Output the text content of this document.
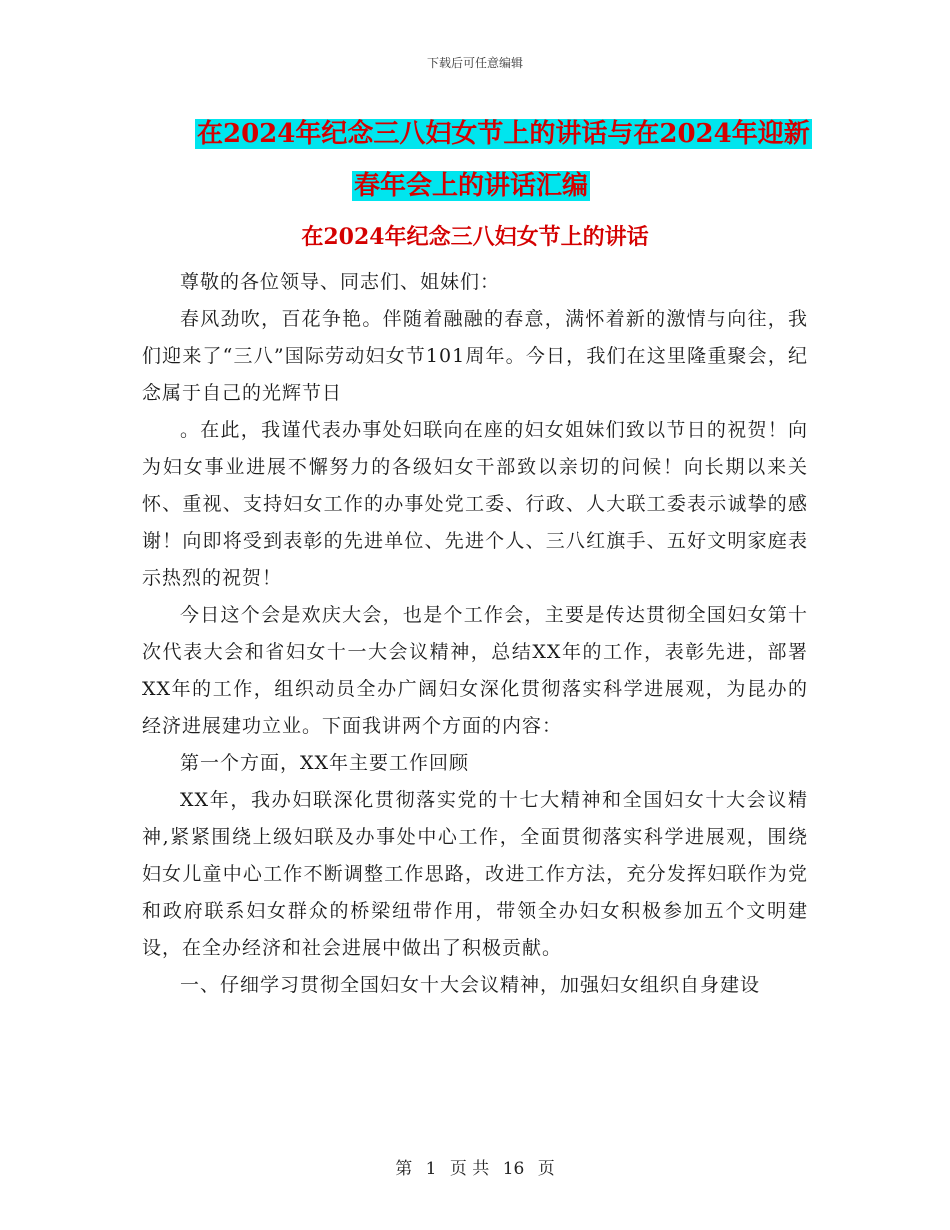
下载后可任意编辑
在2024年纪念三八妇女节上的讲话与在2024年迎新
春年会上的讲话汇编
在2024年纪念三八妇女节上的讲话

尊敬的各位领导、同志们、姐妹们：

春风劲吹，百花争艳。伴随着融融的春意，满怀着新的激情与向往，我们迎来了“三八”国际劳动妇女节101周年。今日，我们在这里隆重聚会，纪念属于自己的光辉节日

。在此，我谨代表办事处妇联向在座的妇女姐妹们致以节日的祝贺！向为妇女事业进展不懈努力的各级妇女干部致以亲切的问候！向长期以来关怀、重视、支持妇女工作的办事处党工委、行政、人大联工委表示诚挚的感谢！向即将受到表彰的先进单位、先进个人、三八红旗手、五好文明家庭表示热烈的祝贺！

今日这个会是欢庆大会，也是个工作会，主要是传达贯彻全国妇女第十次代表大会和省妇女十一大会议精神，总结XX年的工作，表彰先进，部署XX年的工作，组织动员全办广阔妇女深化贯彻落实科学进展观，为昆办的经济进展建功立业。下面我讲两个方面的内容：

第一个方面，XX年主要工作回顾

XX年，我办妇联深化贯彻落实党的十七大精神和全国妇女十大会议精神,紧紧围绕上级妇联及办事处中心工作，全面贯彻落实科学进展观，围绕妇女儿童中心工作不断调整工作思路，改进工作方法，充分发挥妇联作为党和政府联系妇女群众的桥梁纽带作用，带领全办妇女积极参加五个文明建设，在全办经济和社会进展中做出了积极贡献。

一、仔细学习贯彻全国妇女十大会议精神，加强妇女组织自身建设

第 1 页 共 16 页
